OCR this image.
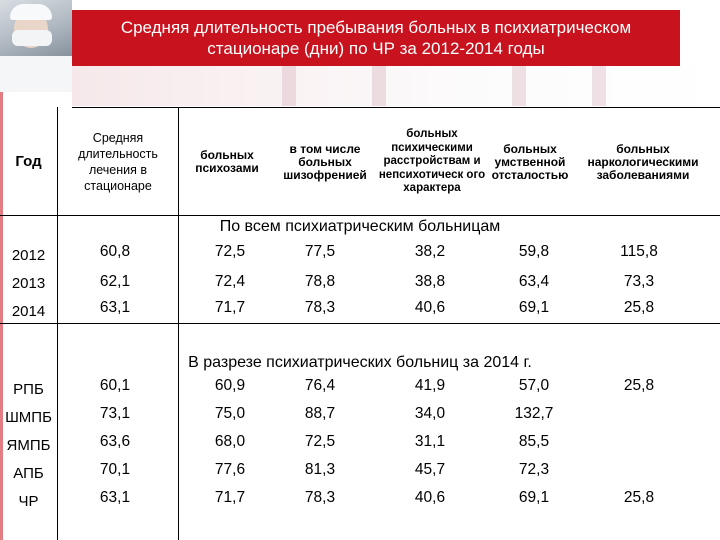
Средняя длительность пребывания больных в психиатрическом стационаре (дни) по ЧР за 2012-2014 годы
Год
Средняя длительность лечения в стационаре
больных психозами
в том числе больных шизофренией
больных психическими расстройствам и непсихотическ ого характера
больных умственной отсталостью
больных наркологическими заболеваниями
По всем психиатрическим больницам
2012	60,8	72,5	77,5	38,2	59,8	115,8
2013	62,1	72,4	78,8	38,8	63,4	73,3
2014	63,1	71,7	78,3	40,6	69,1	25,8
В разрезе психиатрических больниц за 2014 г.
РПБ	60,1	60,9	76,4	41,9	57,0	25,8
ШМПБ	73,1	75,0	88,7	34,0	132,7
ЯМПБ	63,6	68,0	72,5	31,1	85,5
АПБ	70,1	77,6	81,3	45,7	72,3
ЧР	63,1	71,7	78,3	40,6	69,1	25,8
